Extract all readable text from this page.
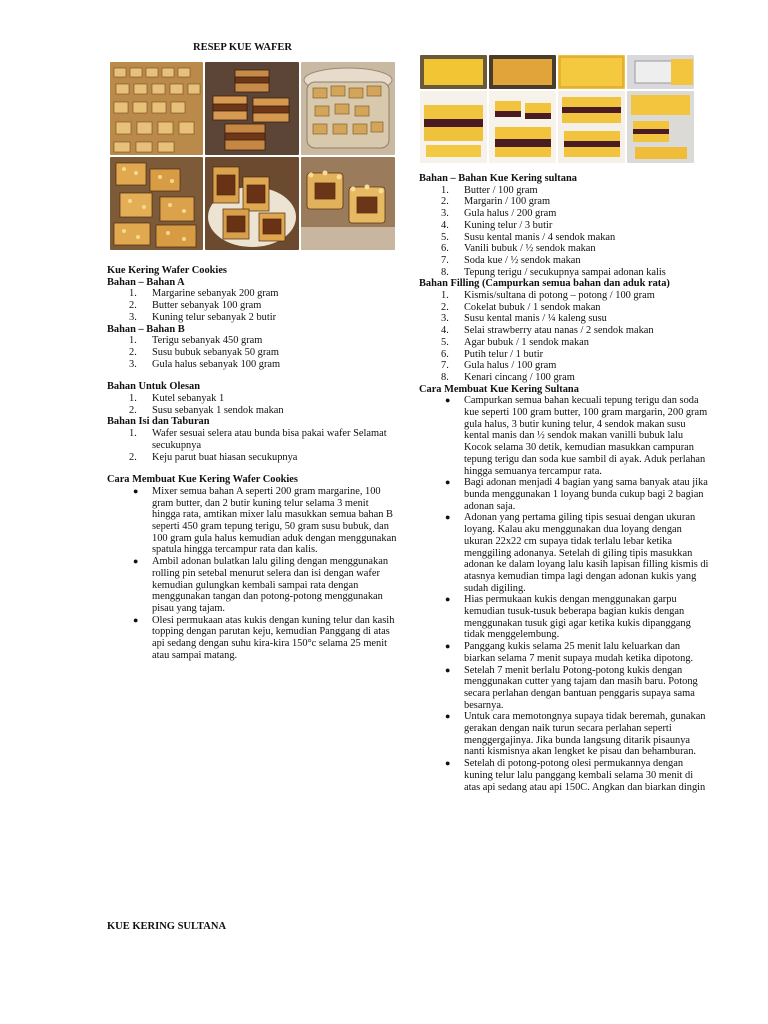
RESEP KUE WAFER

Kue Kering Wafer Cookies

Bahan – Bahan A

1. Margarine sebanyak 200 gram
2. Butter sebanyak 100 gram
3. Kuning telur sebanyak 2 butir

Bahan – Bahan B

1. Terigu sebanyak 450 gram
2. Susu bubuk sebanyak 50 gram
3. Gula halus sebanyak 100 gram

Bahan Untuk Olesan

1. Kutel sebanyak 1
2. Susu sebanyak 1 sendok makan

Bahan Isi dan Taburan

1. Wafer sesuai selera atau bunda bisa pakai wafer Selamat secukupnya
2. Keju parut buat hiasan secukupnya

Cara Membuat Kue Kering Wafer Cookies

● Mixer semua bahan A seperti 200 gram margarine, 100 gram butter, dan 2 butir kuning telur selama 3 menit hingga rata, amtikan mixer lalu masukkan semua bahan B seperti 450 gram tepung terigu, 50 gram susu bubuk, dan 100 gram gula halus kemudian aduk dengan menggunakan spatula hingga tercampur rata dan kalis.
● Ambil adonan bulatkan lalu giling dengan menggunakan rolling pin setebal menurut selera dan isi dengan wafer kemudian gulungkan kembali sampai rata dengan menggunakan tangan dan potong-potong menggunakan pisau yang tajam.
● Olesi permukaan atas kukis dengan kuning telur dan kasih topping dengan parutan keju, kemudian Panggang di atas api sedang dengan suhu kira-kira 150°c selama 25 menit atau sampai matang.

Bahan – Bahan Kue Kering sultana

1. Butter / 100 gram
2. Margarin / 100 gram
3. Gula halus / 200 gram
4. Kuning telur / 3 butir
5. Susu kental manis / 4 sendok makan
6. Vanili bubuk / ½ sendok makan
7. Soda kue / ½ sendok makan
8. Tepung terigu / secukupnya sampai adonan kalis

Bahan Filling (Campurkan semua bahan dan aduk rata)

1. Kismis/sultana di potong – potong / 100 gram
2. Cokelat bubuk / 1 sendok makan
3. Susu kental manis / ¼ kaleng susu
4. Selai strawberry atau nanas / 2 sendok makan
5. Agar bubuk / 1 sendok makan
6. Putih telur / 1 butir
7. Gula halus / 100 gram
8. Kenari cincang / 100 gram

Cara Membuat Kue Kering Sultana

● Campurkan semua bahan kecuali tepung terigu dan soda kue seperti 100 gram butter, 100 gram margarin, 200 gram gula halus, 3 butir kuning telur, 4 sendok makan susu kental manis dan ½ sendok makan vanilli bubuk lalu Kocok selama 30 detik, kemudian masukkan campuran tepung terigu dan soda kue sambil di ayak. Aduk perlahan hingga semuanya tercampur rata.
● Bagi adonan menjadi 4 bagian yang sama banyak atau jika bunda menggunakan 1 loyang bunda cukup bagi 2 bagian adonan saja.
● Adonan yang pertama giling tipis sesuai dengan ukuran loyang. Kalau aku menggunakan dua loyang dengan ukuran 22x22 cm supaya tidak terlalu lebar ketika menggiling adonanya. Setelah di giling tipis masukkan adonan ke dalam loyang lalu kasih lapisan filling kismis di atasnya kemudian timpa lagi dengan adonan kukis yang sudah digiling.
● Hias permukaan kukis dengan menggunakan garpu kemudian tusuk-tusuk beberapa bagian kukis dengan menggunakan tusuk gigi agar ketika kukis dipanggang tidak menggelembung.
● Panggang kukis selama 25 menit lalu keluarkan dan biarkan selama 7 menit supaya mudah ketika dipotong.
● Setelah 7 menit berlalu Potong-potong kukis dengan menggunakan cutter yang tajam dan masih baru. Potong secara perlahan dengan bantuan penggaris supaya sama besarnya.
● Untuk cara memotongnya supaya tidak beremah, gunakan gerakan dengan naik turun secara perlahan seperti menggergajinya. Jika bunda langsung ditarik pisaunya nanti kismisnya akan lengket ke pisau dan behamburan.
● Setelah di potong-potong olesi permukannya dengan kuning telur lalu panggang kembali selama 30 menit di atas api sedang atau api 150C. Angkan dan biarkan dingin
KUE KERING SULTANA
